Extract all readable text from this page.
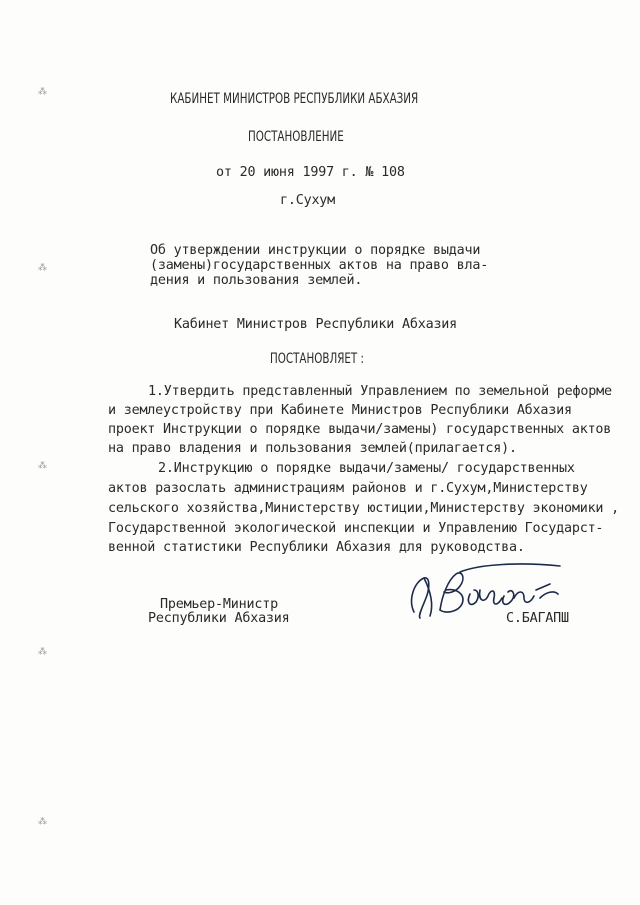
⁂
⁂
⁂
⁂
⁂
КАБИНЕТ МИНИСТРОВ РЕСПУБЛИКИ АБХАЗИЯ
ПОСТАНОВЛЕНИЕ
от 20 июня 1997 г. № 108
г.Сухум
Об утверждении инструкции о порядке выдачи
(замены)государственных актов на право вла-
дения и пользования землей.
Кабинет Министров Республики Абхазия
ПОСТАНОВЛЯЕТ :
1.Утвердить представленный Управлением по земельной реформе
и землеустройству при Кабинете Министров Республики Абхазия
проект Инструкции о порядке выдачи/замены) государственных актов
на право владения и пользования землей(прилагается).
2.Инструкцию о порядке выдачи/замены/ государственных
актов разослать администрациям районов и г.Сухум,Министерству
сельского хозяйства,Министерству юстиции,Министерству экономики ,
Государственной экологической инспекции и Управлению Государст-
венной статистики Республики Абхазия для руководства.
Премьер-Министр
Республики Абхазия	С.БАГАПШ
